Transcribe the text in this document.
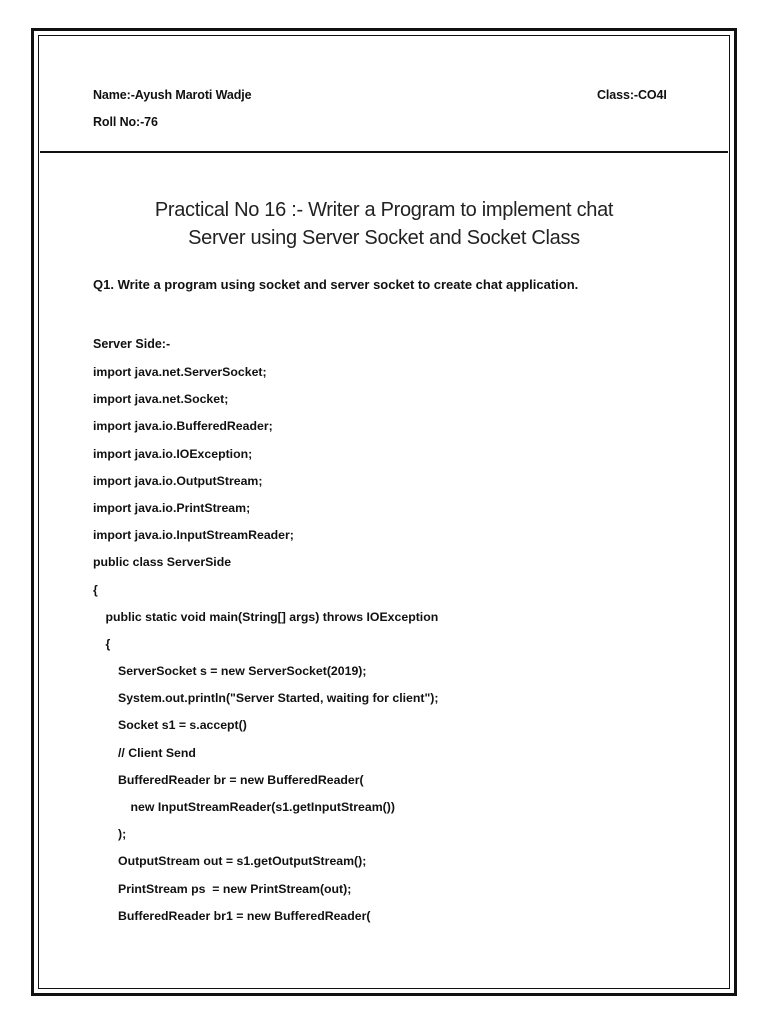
Name:-Ayush Maroti Wadje	Class:-CO4I
Roll No:-76
Practical No 16 :- Writer a Program to implement chat
Server using Server Socket and Socket Class
Q1. Write a program using socket and server socket to create chat application.
Server Side:-
import java.net.ServerSocket;
import java.net.Socket;
import java.io.BufferedReader;
import java.io.IOException;
import java.io.OutputStream;
import java.io.PrintStream;
import java.io.InputStreamReader;
public class ServerSide
{
public static void main(String[] args) throws IOException
{
ServerSocket s = new ServerSocket(2019);
System.out.println("Server Started, waiting for client");
Socket s1 = s.accept()
// Client Send
BufferedReader br = new BufferedReader(
new InputStreamReader(s1.getInputStream())
);
OutputStream out = s1.getOutputStream();
PrintStream ps  = new PrintStream(out);
BufferedReader br1 = new BufferedReader(
